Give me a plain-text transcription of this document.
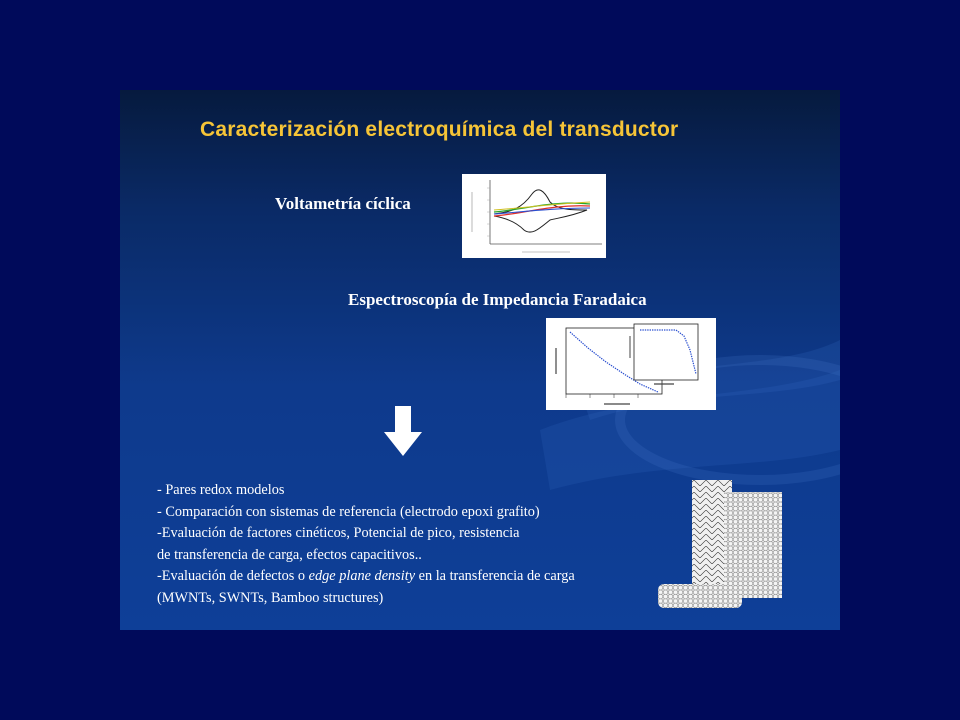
Caracterización electroquímica del transductor
Voltametría cíclica
Espectroscopía de Impedancia Faradaica
- Pares redox modelos
- Comparación con sistemas de referencia (electrodo epoxi grafito)
-Evaluación de factores cinéticos, Potencial de pico, resistencia
de transferencia de carga, efectos capacitivos..
-Evaluación de defectos o edge plane density en la transferencia de carga
(MWNTs, SWNTs, Bamboo structures)
